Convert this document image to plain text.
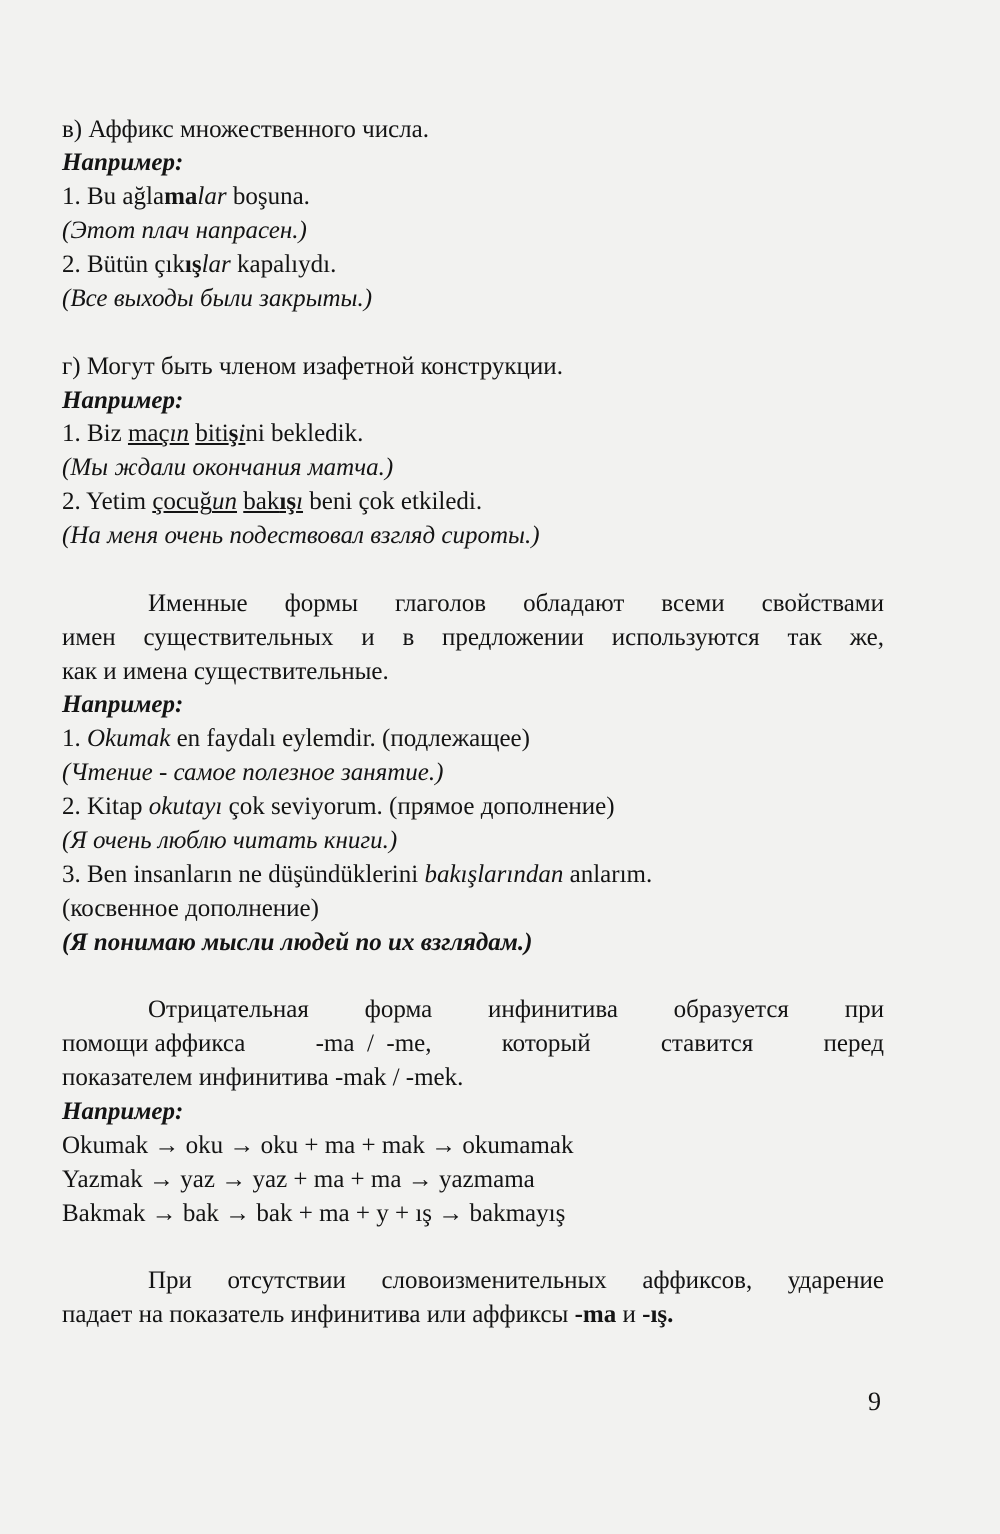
в) Аффикс множественного числа.
Например:
1. Bu ağlamalar boşuna.
(Этот плач напрасен.)
2. Bütün çıkışlar kapalıydı.
(Все выходы были закрыты.)
г) Могут быть членом изафетной конструкции.
Например:
1. Biz maçın bitişini bekledik.
(Мы ждали окончания матча.)
2. Yetim çocuğun bakışı beni çok etkiledi.
(На меня очень подествовал взгляд сироты.)
Именные формы глаголов обладают всеми свойствами
имен существительных и в предложении используются так же,
как и имена существительные.
Например:
1. Okumak en faydalı eylemdir. (подлежащее)
(Чтение - самое полезное занятие.)
2. Kitap okutayı çok seviyorum. (прямое дополнение)
(Я очень люблю читать книги.)
3. Ben insanların ne düşündüklerini bakışlarından anlarım.
(косвенное дополнение)
(Я понимаю мысли людей по их взглядам.)
Отрицательная форма инфинитива образуется при
помощи аффикса	-ma  /  -me,	который	ставится	перед
показателем инфинитива -mak / -mek.
Например:
Okumak → oku → oku + ma + mak → okumamak
Yazmak → yaz → yaz + ma + ma → yazmama
Bakmak → bak → bak + ma + y + ış → bakmayış
При отсутствии словоизменительных аффиксов, ударение
падает на показатель инфинитива или аффиксы -ma и -ış.
9
